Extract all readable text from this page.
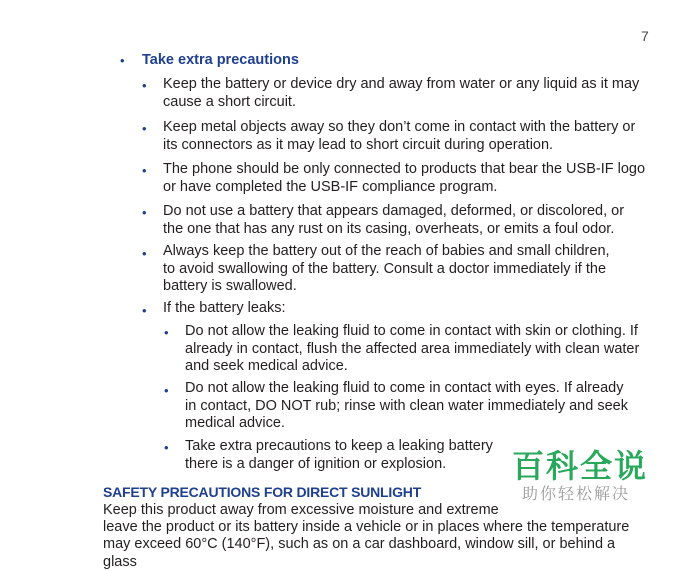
7
• Take extra precautions
• Keep the battery or device dry and away from water or any liquid as it may cause a short circuit.
• Keep metal objects away so they don’t come in contact with the battery or its connectors as it may lead to short circuit during operation.
• The phone should be only connected to products that bear the USB-IF logo or have completed the USB-IF compliance program.
• Do not use a battery that appears damaged, deformed, or discolored, or the one that has any rust on its casing, overheats, or emits a foul odor.
• Always keep the battery out of the reach of babies and small children, to avoid swallowing of the battery. Consult a doctor immediately if the battery is swallowed.
• If the battery leaks:
• Do not allow the leaking fluid to come in contact with skin or clothing. If already in contact, flush the affected area immediately with clean water and seek medical advice.
• Do not allow the leaking fluid to come in contact with eyes. If already in contact, DO NOT rub; rinse with clean water immediately and seek medical advice.
• Take extra precautions to keep a leaking battery there is a danger of ignition or explosion.
SAFETY PRECAUTIONS FOR DIRECT SUNLIGHT
Keep this product away from excessive moisture and extreme
leave the product or its battery inside a vehicle or in places where the temperature
may exceed 60°C (140°F), such as on a car dashboard, window sill, or behind a glass
百科全说
助你轻松解决
